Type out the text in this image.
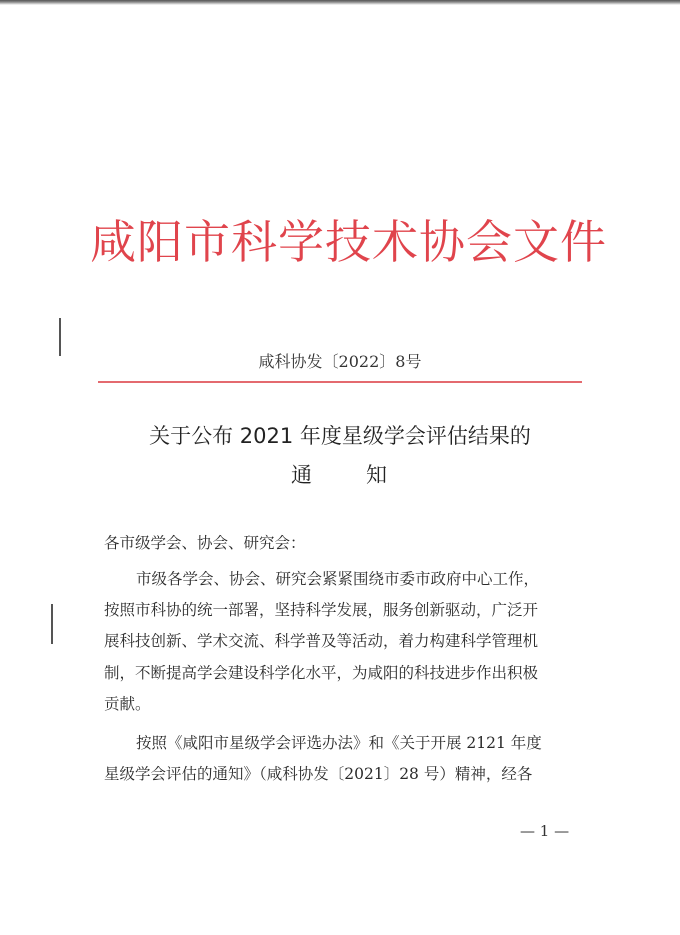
咸阳市科学技术协会文件
咸科协发〔2022〕8号
关于公布 2021 年度星级学会评估结果的
通 知
各市级学会、协会、研究会：
市级各学会、协会、研究会紧紧围绕市委市政府中心工作，
按照市科协的统一部署，坚持科学发展，服务创新驱动，广泛开
展科技创新、学术交流、科学普及等活动，着力构建科学管理机
制，不断提高学会建设科学化水平，为咸阳的科技进步作出积极
贡献。
按照《咸阳市星级学会评选办法》和《关于开展 2121 年度
星级学会评估的通知》（咸科协发〔2021〕28 号）精神，经各
— 1 —
